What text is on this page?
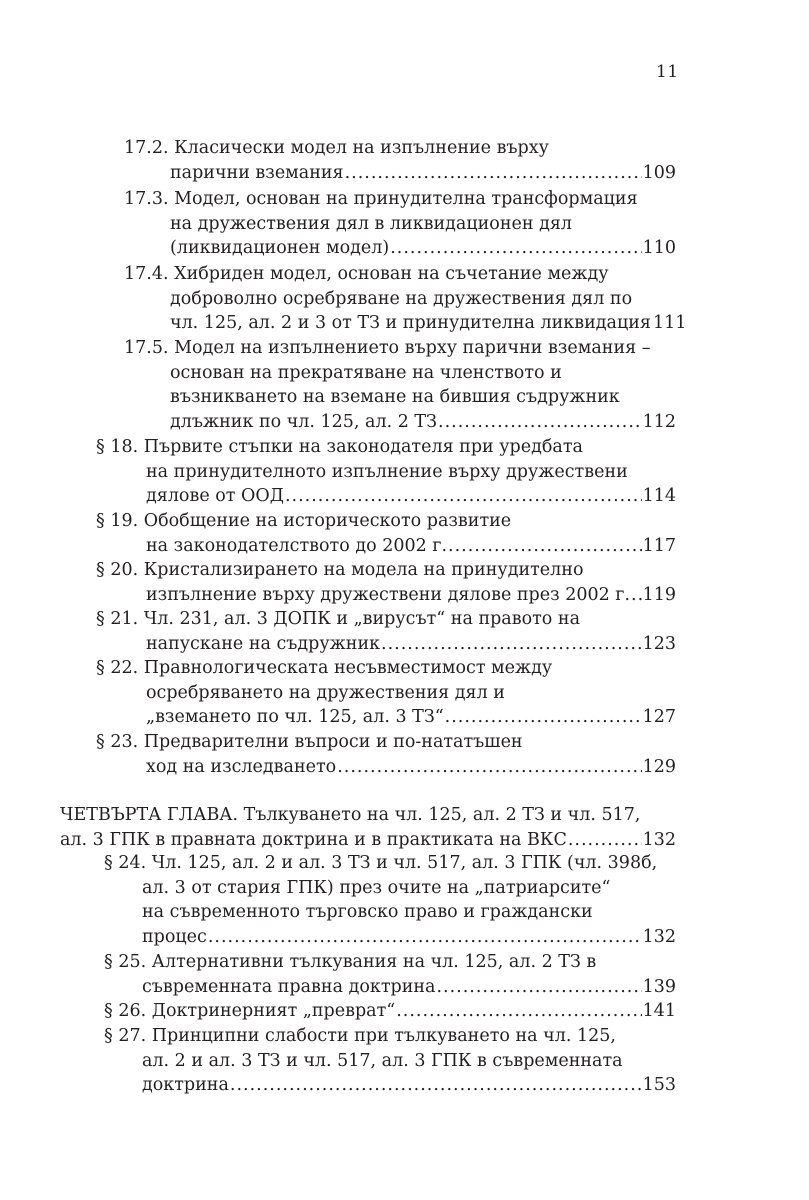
11
17.2. Класически модел на изпълнение върху
парични вземания .....	109
17.3. Модел, основан на принудителна трансформация
на дружествения дял в ликвидационен дял
(ликвидационен модел) .....	110
17.4. Хибриден модел, основан на съчетание между
доброволно осребряване на дружествения дял по
чл. 125, ал. 2 и 3 от ТЗ и принудителна ликвидация 111
17.5. Модел на изпълнението върху парични вземания –
основан на прекратяване на членството и
възникването на вземане на бившия съдружник
длъжник по чл. 125, ал. 2 ТЗ .....	112
§ 18. Първите стъпки на законодателя при уредбата
на принудителното изпълнение върху дружествени
дялове от ООД .....	114
§ 19. Обобщение на историческото развитие
на законодателството до 2002 г. .....	117
§ 20. Кристализирането на модела на принудително
изпълнение върху дружествени дялове през 2002 г. ..... 119
§ 21. Чл. 231, ал. 3 ДОПК и „вирусът“ на правото на
напускане на съдружник .....	123
§ 22. Правнологическата несъвместимост между
осребряването на дружествения дял и
„вземането по чл. 125, ал. 3 ТЗ“ .....	127
§ 23. Предварителни въпроси и по-нататъшен
ход на изследването .....	129
ЧЕТВЪРТА ГЛАВА. Тълкуването на чл. 125, ал. 2 ТЗ и чл. 517,
ал. 3 ГПК в правната доктрина и в практиката на ВКС .....	132
§ 24. Чл. 125, ал. 2 и ал. 3 ТЗ и чл. 517, ал. 3 ГПК (чл. 398б,
ал. 3 от стария ГПК) през очите на „патриарсите“
на съвременното търговско право и граждански
процес .....	132
§ 25. Алтернативни тълкувания на чл. 125, ал. 2 ТЗ в
съвременната правна доктрина .....	139
§ 26.
Доктринерният „преврат“ .....	141
§ 27. Принципни слабости при тълкуването на чл. 125,
ал. 2 и ал. 3 ТЗ и чл. 517, ал. 3 ГПК в съвременната
доктрина .....	153
